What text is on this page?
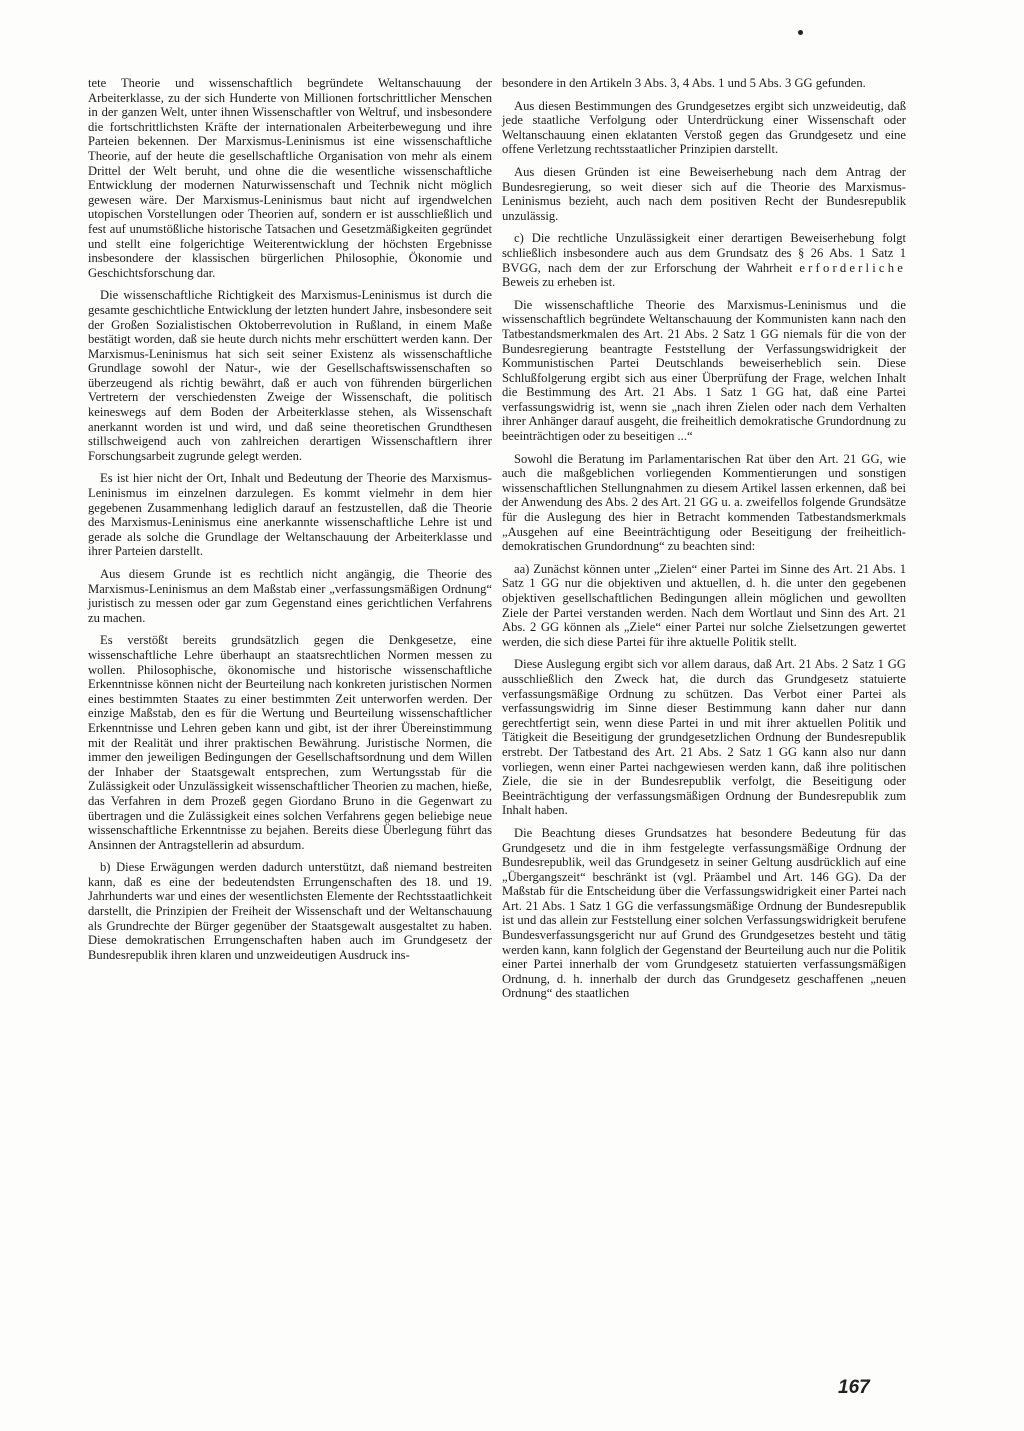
tete Theorie und wissenschaftlich begründete Weltanschauung der Arbeiterklasse, zu der sich Hunderte von Millionen fortschrittlicher Menschen in der ganzen Welt, unter ihnen Wissenschaftler von Weltruf, und insbesondere die fortschrittlichsten Kräfte der internationalen Arbeiterbewegung und ihre Parteien bekennen. Der Marxismus-Leninismus ist eine wissenschaftliche Theorie, auf der heute die gesellschaftliche Organisation von mehr als einem Drittel der Welt beruht, und ohne die die wesentliche wissenschaftliche Entwicklung der modernen Naturwissenschaft und Technik nicht möglich gewesen wäre. Der Marxismus-Leninismus baut nicht auf irgendwelchen utopischen Vorstellungen oder Theorien auf, sondern er ist ausschließlich und fest auf unumstößliche historische Tatsachen und Gesetzmäßigkeiten gegründet und stellt eine folgerichtige Weiterentwicklung der höchsten Ergebnisse insbesondere der klassischen bürgerlichen Philosophie, Ökonomie und Geschichtsforschung dar.

Die wissenschaftliche Richtigkeit des Marxismus-Leninismus ist durch die gesamte geschichtliche Entwicklung der letzten hundert Jahre, insbesondere seit der Großen Sozialistischen Oktoberrevolution in Rußland, in einem Maße bestätigt worden, daß sie heute durch nichts mehr erschüttert werden kann. Der Marxismus-Leninismus hat sich seit seiner Existenz als wissenschaftliche Grundlage sowohl der Natur-, wie der Gesellschaftswissenschaften so überzeugend als richtig bewährt, daß er auch von führenden bürgerlichen Vertretern der verschiedensten Zweige der Wissenschaft, die politisch keineswegs auf dem Boden der Arbeiterklasse stehen, als Wissenschaft anerkannt worden ist und wird, und daß seine theoretischen Grundthesen stillschweigend auch von zahlreichen derartigen Wissenschaftlern ihrer Forschungsarbeit zugrunde gelegt werden.

Es ist hier nicht der Ort, Inhalt und Bedeutung der Theorie des Marxismus-Leninismus im einzelnen darzulegen. Es kommt vielmehr in dem hier gegebenen Zusammenhang lediglich darauf an festzustellen, daß die Theorie des Marxismus-Leninismus eine anerkannte wissenschaftliche Lehre ist und gerade als solche die Grundlage der Weltanschauung der Arbeiterklasse und ihrer Parteien darstellt.

Aus diesem Grunde ist es rechtlich nicht angängig, die Theorie des Marxismus-Leninismus an dem Maßstab einer „verfassungsmäßigen Ordnung“ juristisch zu messen oder gar zum Gegenstand eines gerichtlichen Verfahrens zu machen.

Es verstößt bereits grundsätzlich gegen die Denkgesetze, eine wissenschaftliche Lehre überhaupt an staatsrechtlichen Normen messen zu wollen. Philosophische, ökonomische und historische wissenschaftliche Erkenntnisse können nicht der Beurteilung nach konkreten juristischen Normen eines bestimmten Staates zu einer bestimmten Zeit unterworfen werden. Der einzige Maßstab, den es für die Wertung und Beurteilung wissenschaftlicher Erkenntnisse und Lehren geben kann und gibt, ist der ihrer Übereinstimmung mit der Realität und ihrer praktischen Bewährung. Juristische Normen, die immer den jeweiligen Bedingungen der Gesellschaftsordnung und dem Willen der Inhaber der Staatsgewalt entsprechen, zum Wertungsstab für die Zulässigkeit oder Unzulässigkeit wissenschaftlicher Theorien zu machen, hieße, das Verfahren in dem Prozeß gegen Giordano Bruno in die Gegenwart zu übertragen und die Zulässigkeit eines solchen Verfahrens gegen beliebige neue wissenschaftliche Erkenntnisse zu bejahen. Bereits diese Überlegung führt das Ansinnen der Antragstellerin ad absurdum.

b) Diese Erwägungen werden dadurch unterstützt, daß niemand bestreiten kann, daß es eine der bedeutendsten Errungenschaften des 18. und 19. Jahrhunderts war und eines der wesentlichsten Elemente der Rechtsstaatlichkeit darstellt, die Prinzipien der Freiheit der Wissenschaft und der Weltanschauung als Grundrechte der Bürger gegenüber der Staatsgewalt ausgestaltet zu haben. Diese demokratischen Errungenschaften haben auch im Grundgesetz der Bundesrepublik ihren klaren und unzweideutigen Ausdruck ins-

besondere in den Artikeln 3 Abs. 3, 4 Abs. 1 und 5 Abs. 3 GG gefunden.

Aus diesen Bestimmungen des Grundgesetzes ergibt sich unzweideutig, daß jede staatliche Verfolgung oder Unterdrückung einer Wissenschaft oder Weltanschauung einen eklatanten Verstoß gegen das Grundgesetz und eine offene Verletzung rechtsstaatlicher Prinzipien darstellt.

Aus diesen Gründen ist eine Beweiserhebung nach dem Antrag der Bundesregierung, so weit dieser sich auf die Theorie des Marxismus-Leninismus bezieht, auch nach dem positiven Recht der Bundesrepublik unzulässig.

c) Die rechtliche Unzulässigkeit einer derartigen Beweiserhebung folgt schließlich insbesondere auch aus dem Grundsatz des § 26 Abs. 1 Satz 1 BVGG, nach dem der zur Erforschung der Wahrheit erforderliche Beweis zu erheben ist.

Die wissenschaftliche Theorie des Marxismus-Leninismus und die wissenschaftlich begründete Weltanschauung der Kommunisten kann nach den Tatbestandsmerkmalen des Art. 21 Abs. 2 Satz 1 GG niemals für die von der Bundesregierung beantragte Feststellung der Verfassungswidrigkeit der Kommunistischen Partei Deutschlands beweiserheblich sein. Diese Schlußfolgerung ergibt sich aus einer Überprüfung der Frage, welchen Inhalt die Bestimmung des Art. 21 Abs. 1 Satz 1 GG hat, daß eine Partei verfassungswidrig ist, wenn sie „nach ihren Zielen oder nach dem Verhalten ihrer Anhänger darauf ausgeht, die freiheitlich demokratische Grundordnung zu beeinträchtigen oder zu beseitigen ...“

Sowohl die Beratung im Parlamentarischen Rat über den Art. 21 GG, wie auch die maßgeblichen vorliegenden Kommentierungen und sonstigen wissenschaftlichen Stellungnahmen zu diesem Artikel lassen erkennen, daß bei der Anwendung des Abs. 2 des Art. 21 GG u. a. zweifellos folgende Grundsätze für die Auslegung des hier in Betracht kommenden Tatbestandsmerkmals „Ausgehen auf eine Beeinträchtigung oder Beseitigung der freiheitlich-demokratischen Grundordnung“ zu beachten sind:

aa) Zunächst können unter „Zielen“ einer Partei im Sinne des Art. 21 Abs. 1 Satz 1 GG nur die objektiven und aktuellen, d. h. die unter den gegebenen objektiven gesellschaftlichen Bedingungen allein möglichen und gewollten Ziele der Partei verstanden werden. Nach dem Wortlaut und Sinn des Art. 21 Abs. 2 GG können als „Ziele“ einer Partei nur solche Zielsetzungen gewertet werden, die sich diese Partei für ihre aktuelle Politik stellt.

Diese Auslegung ergibt sich vor allem daraus, daß Art. 21 Abs. 2 Satz 1 GG ausschließlich den Zweck hat, die durch das Grundgesetz statuierte verfassungsmäßige Ordnung zu schützen. Das Verbot einer Partei als verfassungswidrig im Sinne dieser Bestimmung kann daher nur dann gerechtfertigt sein, wenn diese Partei in und mit ihrer aktuellen Politik und Tätigkeit die Beseitigung der grundgesetzlichen Ordnung der Bundesrepublik erstrebt. Der Tatbestand des Art. 21 Abs. 2 Satz 1 GG kann also nur dann vorliegen, wenn einer Partei nachgewiesen werden kann, daß ihre politischen Ziele, die sie in der Bundesrepublik verfolgt, die Beseitigung oder Beeinträchtigung der verfassungsmäßigen Ordnung der Bundesrepublik zum Inhalt haben.

Die Beachtung dieses Grundsatzes hat besondere Bedeutung für das Grundgesetz und die in ihm festgelegte verfassungsmäßige Ordnung der Bundesrepublik, weil das Grundgesetz in seiner Geltung ausdrücklich auf eine „Übergangszeit“ beschränkt ist (vgl. Präambel und Art. 146 GG). Da der Maßstab für die Entscheidung über die Verfassungswidrigkeit einer Partei nach Art. 21 Abs. 1 Satz 1 GG die verfassungsmäßige Ordnung der Bundesrepublik ist und das allein zur Feststellung einer solchen Verfassungswidrigkeit berufene Bundesverfassungsgericht nur auf Grund des Grundgesetzes besteht und tätig werden kann, kann folglich der Gegenstand der Beurteilung auch nur die Politik einer Partei innerhalb der vom Grundgesetz statuierten verfassungsmäßigen Ordnung, d. h. innerhalb der durch das Grundgesetz geschaffenen „neuen Ordnung“ des staatlichen

167
